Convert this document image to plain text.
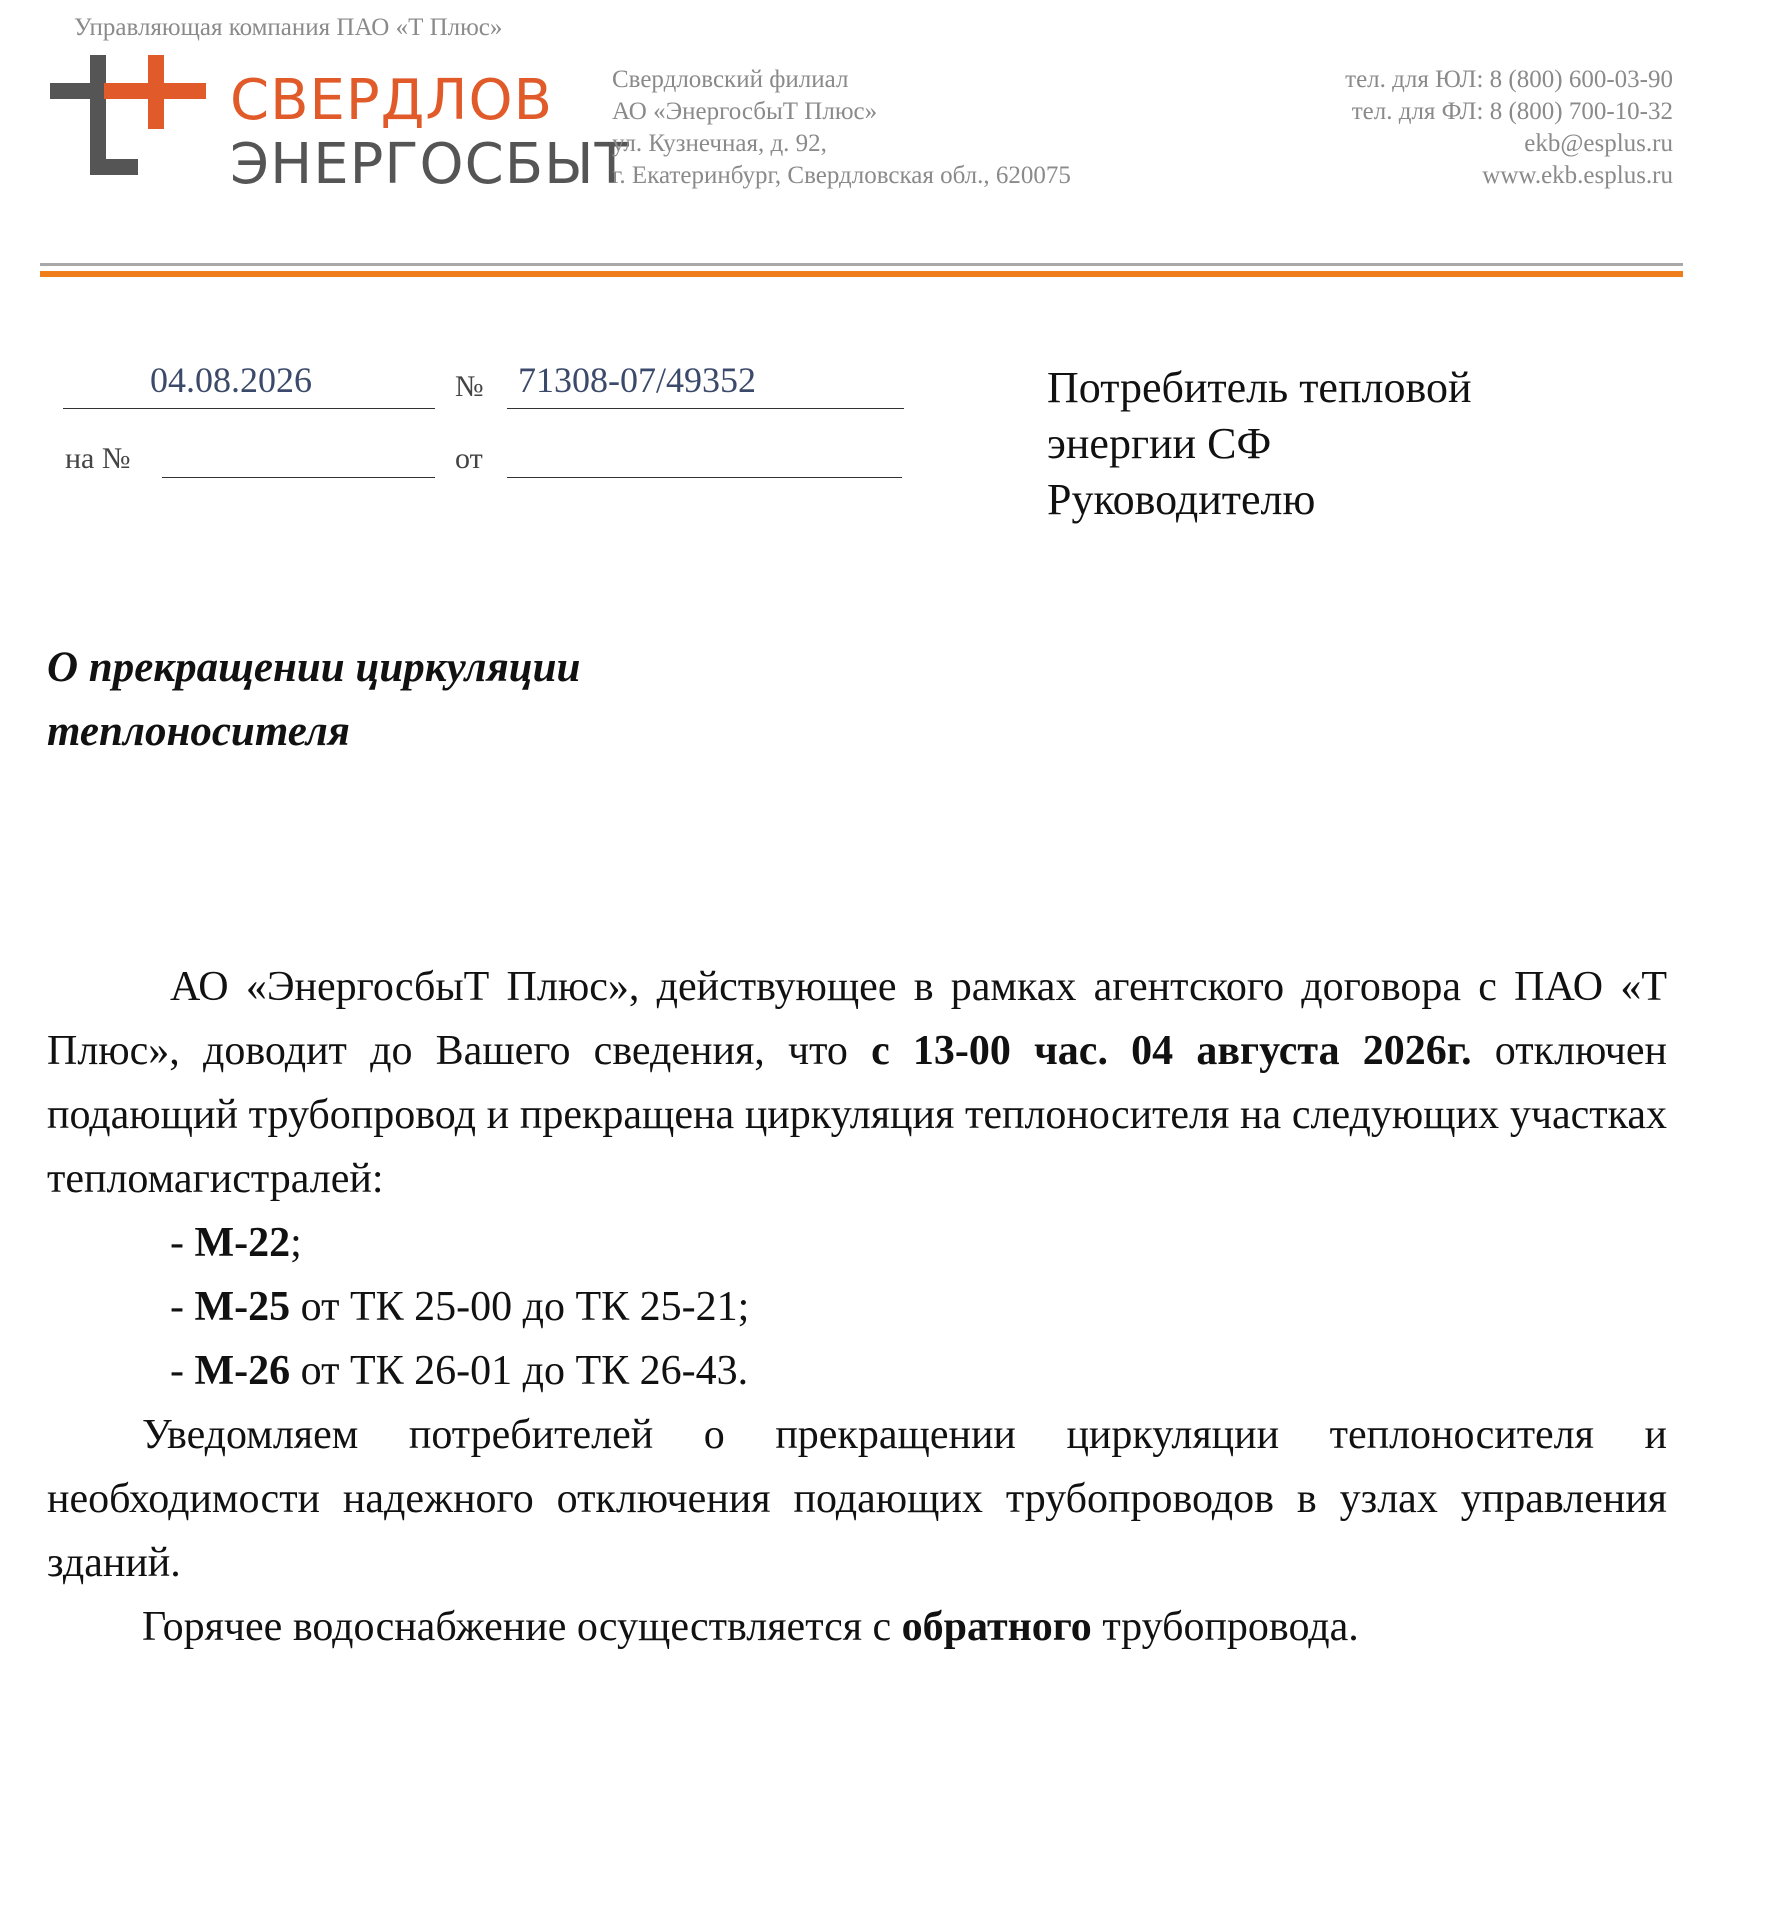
Управляющая компания ПАО «Т Плюс»
СВЕРДЛОВ
ЭНЕРГОСБЫТ
Свердловский филиал
АО «ЭнергосбыТ Плюс»
ул. Кузнечная, д. 92,
г. Екатеринбург, Свердловская обл., 620075
тел. для ЮЛ: 8 (800) 600-03-90
тел. для ФЛ: 8 (800) 700-10-32
ekb@esplus.ru
www.ekb.esplus.ru
04.08.2026	№ 71308-07/49352
на №	от
Потребитель тепловой
энергии СФ
Руководителю
О прекращении циркуляции
теплоносителя

АО «ЭнергосбыТ Плюс», действующее в рамках агентского договора с ПАО «Т Плюс», доводит до Вашего сведения, что с 13-00 час. 04 августа 2026г. отключен подающий трубопровод и прекращена циркуляция теплоносителя на следующих участках тепломагистралей:

- М-22;
- М-25 от ТК 25-00 до ТК 25-21;
- М-26 от ТК 26-01 до ТК 26-43.

Уведомляем потребителей о прекращении циркуляции теплоносителя и необходимости надежного отключения подающих трубопроводов в узлах управления зданий.

Горячее водоснабжение осуществляется с обратного трубопровода.
